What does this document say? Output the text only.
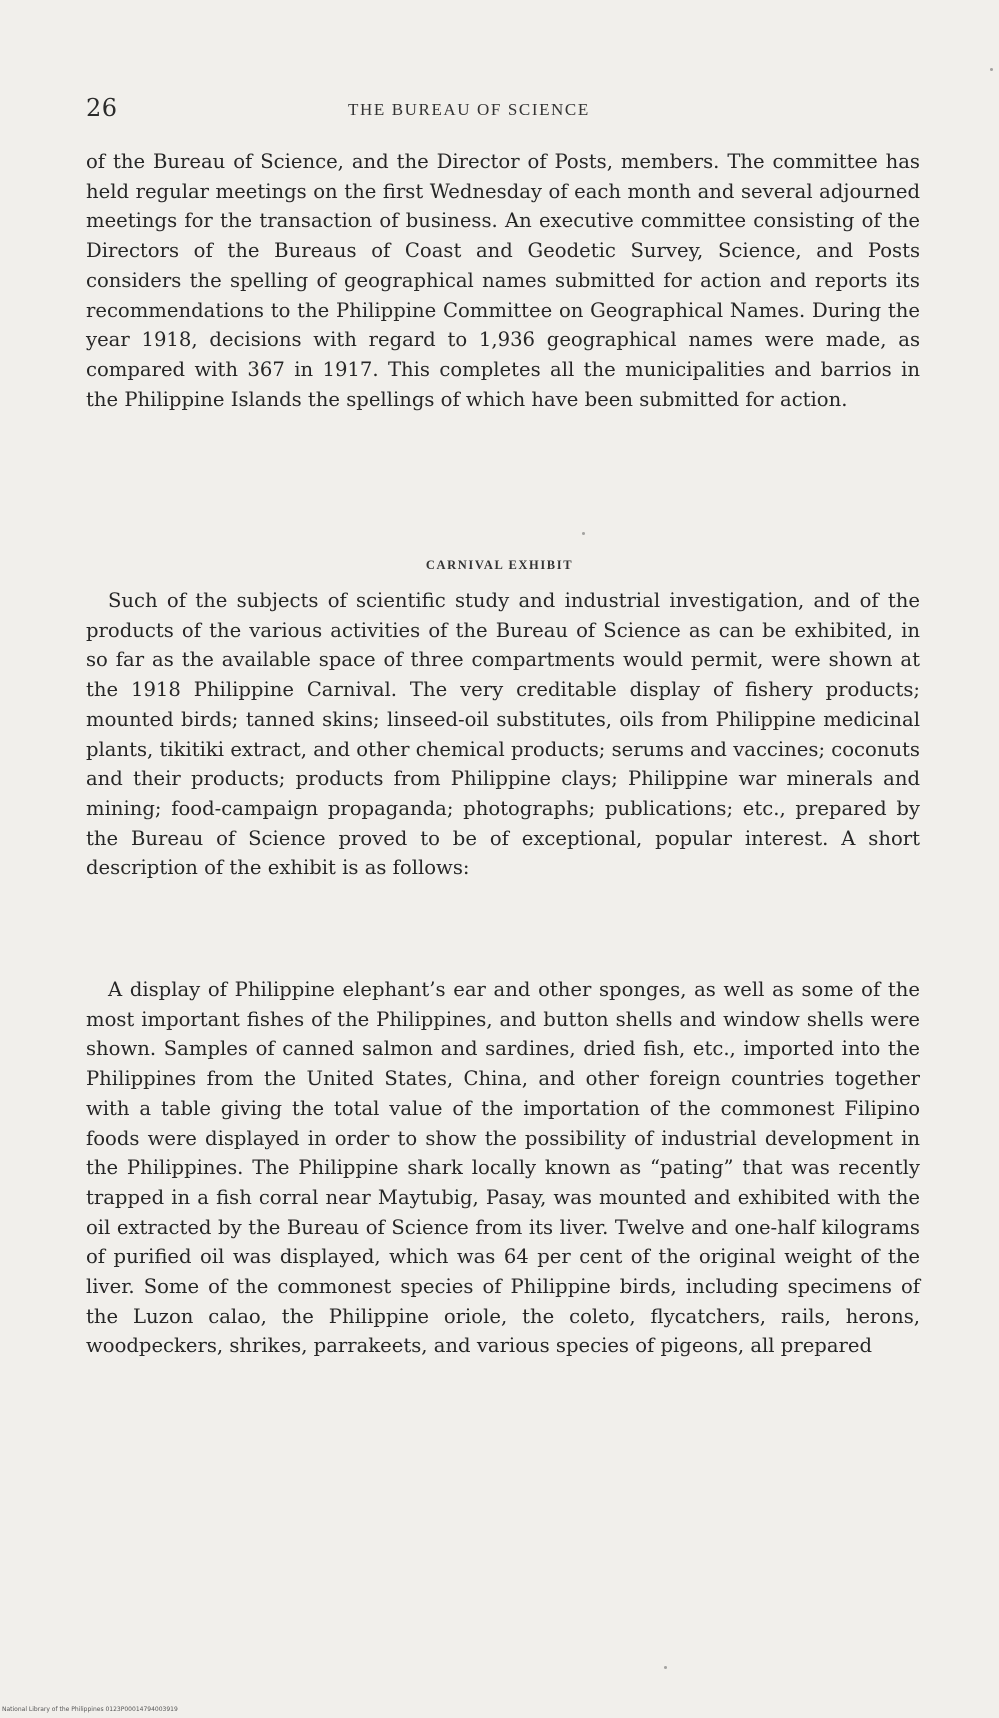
26	THE BUREAU OF SCIENCE

of the Bureau of Science, and the Director of Posts, members. The committee has held regular meetings on the first Wednesday of each month and several adjourned meetings for the transaction of business. An executive committee consisting of the Directors of the Bureaus of Coast and Geodetic Survey, Science, and Posts considers the spelling of geographical names submitted for action and reports its recommendations to the Philippine Committee on Geographical Names. During the year 1918, decisions with regard to 1,936 geographical names were made, as compared with 367 in 1917. This completes all the municipalities and barrios in the Philippine Islands the spellings of which have been submitted for action.

CARNIVAL EXHIBIT

Such of the subjects of scientific study and industrial investigation, and of the products of the various activities of the Bureau of Science as can be exhibited, in so far as the available space of three compartments would permit, were shown at the 1918 Philippine Carnival. The very creditable display of fishery products; mounted birds; tanned skins; linseed-oil substitutes, oils from Philippine medicinal plants, tikitiki extract, and other chemical products; serums and vaccines; coconuts and their products; products from Philippine clays; Philippine war minerals and mining; food-campaign propaganda; photographs; publications; etc., prepared by the Bureau of Science proved to be of exceptional, popular interest. A short description of the exhibit is as follows:

A display of Philippine elephant’s ear and other sponges, as well as some of the most important fishes of the Philippines, and button shells and window shells were shown. Samples of canned salmon and sardines, dried fish, etc., imported into the Philippines from the United States, China, and other foreign countries together with a table giving the total value of the importation of the commonest Filipino foods were displayed in order to show the possibility of industrial development in the Philippines. The Philippine shark locally known as “pating” that was recently trapped in a fish corral near Maytubig, Pasay, was mounted and exhibited with the oil extracted by the Bureau of Science from its liver. Twelve and one-half kilograms of purified oil was displayed, which was 64 per cent of the original weight of the liver. Some of the commonest species of Philippine birds, including specimens of the Luzon calao, the Philippine oriole, the coleto, flycatchers, rails, herons, woodpeckers, shrikes, parrakeets, and various species of pigeons, all prepared

National Library of the Philippines 0123P00014794003919
